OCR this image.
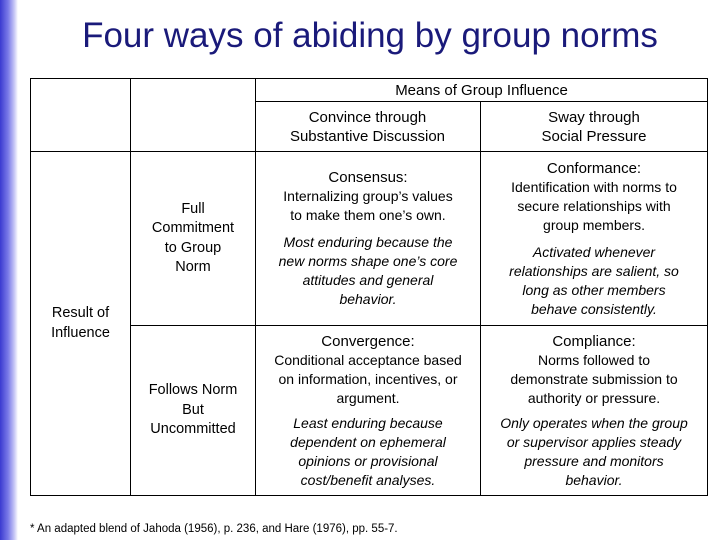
Four ways of abiding by group norms
Means of Group Influence
Convince through
Substantive Discussion
Sway through
Social Pressure
Result of Influence
Full
Commitment
to Group
Norm
Follows Norm
But
Uncommitted
Consensus:
Internalizing group’s values
to make them one’s own.
Most enduring because the
new norms shape one’s core
attitudes and general
behavior.
Conformance:
Identification with norms to
secure relationships with
group members.
Activated whenever
relationships are salient, so
long as other members
behave consistently.
Convergence:
Conditional acceptance based
on information, incentives, or
argument.
Least enduring because
dependent on ephemeral
opinions or provisional
cost/benefit analyses.
Compliance:
Norms followed to
demonstrate submission to
authority or pressure.
Only operates when the group
or supervisor applies steady
pressure and monitors
behavior.
* An adapted blend of Jahoda (1956), p. 236, and Hare (1976), pp. 55-7.
